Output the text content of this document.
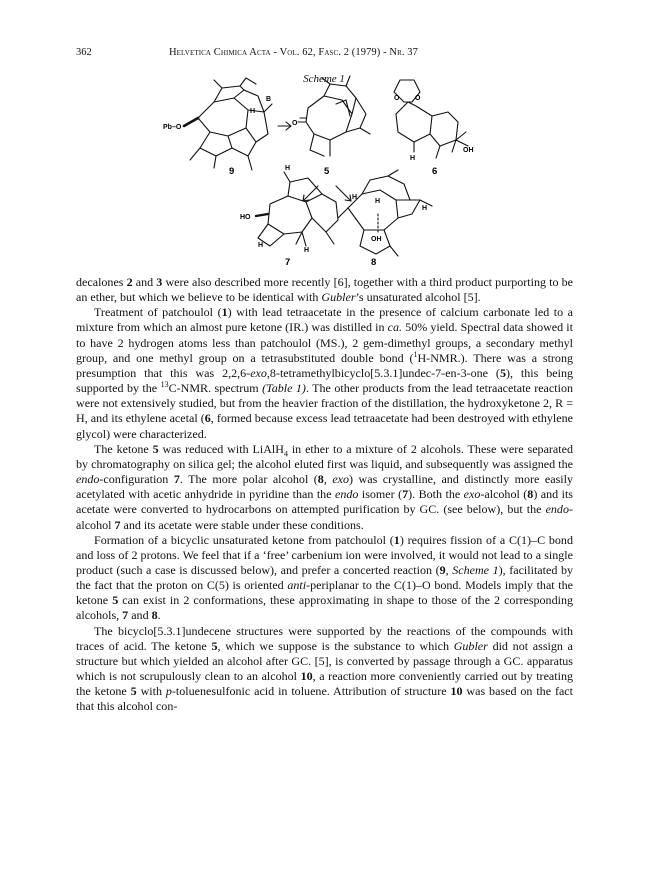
362	Helvetica Chimica Acta - Vol. 62, Fasc. 2 (1979) - Nr. 37
Scheme 1
Pb–O
H
B
O
O O
H
OH
H
HO
H
H
H
H
H
OH
9	5	6
7	8

decalones 2 and 3 were also described more recently [6], together with a third product purporting to be an ether, but which we believe to be identical with Gubler’s unsaturated alcohol [5].

Treatment of patchoulol (1) with lead tetraacetate in the presence of calcium carbonate led to a mixture from which an almost pure ketone (IR.) was distilled in ca. 50% yield. Spectral data showed it to have 2 hydrogen atoms less than patchoulol (MS.), 2 gem-dimethyl groups, a secondary methyl group, and one methyl group on a tetrasubstituted double bond ($^1$H-NMR.). There was a strong presumption that this was 2,2,6-exo,8-tetramethylbicyclo[5.3.1]undec-7-en-3-one (5), this being supported by the $^{13}$C-NMR. spectrum (Table 1). The other products from the lead tetraacetate reaction were not extensively studied, but from the heavier fraction of the distillation, the hydroxyketone 2, R = H, and its ethylene acetal (6, formed because excess lead tetraacetate had been destroyed with ethylene glycol) were characterized.

The ketone 5 was reduced with LiAlH$_4$ in ether to a mixture of 2 alcohols. These were separated by chromatography on silica gel; the alcohol eluted first was liquid, and subsequently was assigned the endo-configuration 7. The more polar alcohol (8, exo) was crystalline, and distinctly more easily acetylated with acetic anhydride in pyridine than the endo isomer (7). Both the exo-alcohol (8) and its acetate were converted to hydrocarbons on attempted purification by GC. (see below), but the endo-alcohol 7 and its acetate were stable under these conditions.

Formation of a bicyclic unsaturated ketone from patchoulol (1) requires fission of a C(1)–C bond and loss of 2 protons. We feel that if a ‘free’ carbenium ion were involved, it would not lead to a single product (such a case is discussed below), and prefer a concerted reaction (9, Scheme 1), facilitated by the fact that the proton on C(5) is oriented anti-periplanar to the C(1)–O bond. Models imply that the ketone 5 can exist in 2 conformations, these approximating in shape to those of the 2 corresponding alcohols, 7 and 8.

The bicyclo[5.3.1]undecene structures were supported by the reactions of the compounds with traces of acid. The ketone 5, which we suppose is the substance to which Gubler did not assign a structure but which yielded an alcohol after GC. [5], is converted by passage through a GC. apparatus which is not scrupulously clean to an alcohol 10, a reaction more conveniently carried out by treating the ketone 5 with p-toluenesulfonic acid in toluene. Attribution of structure 10 was based on the fact that this alcohol con-
